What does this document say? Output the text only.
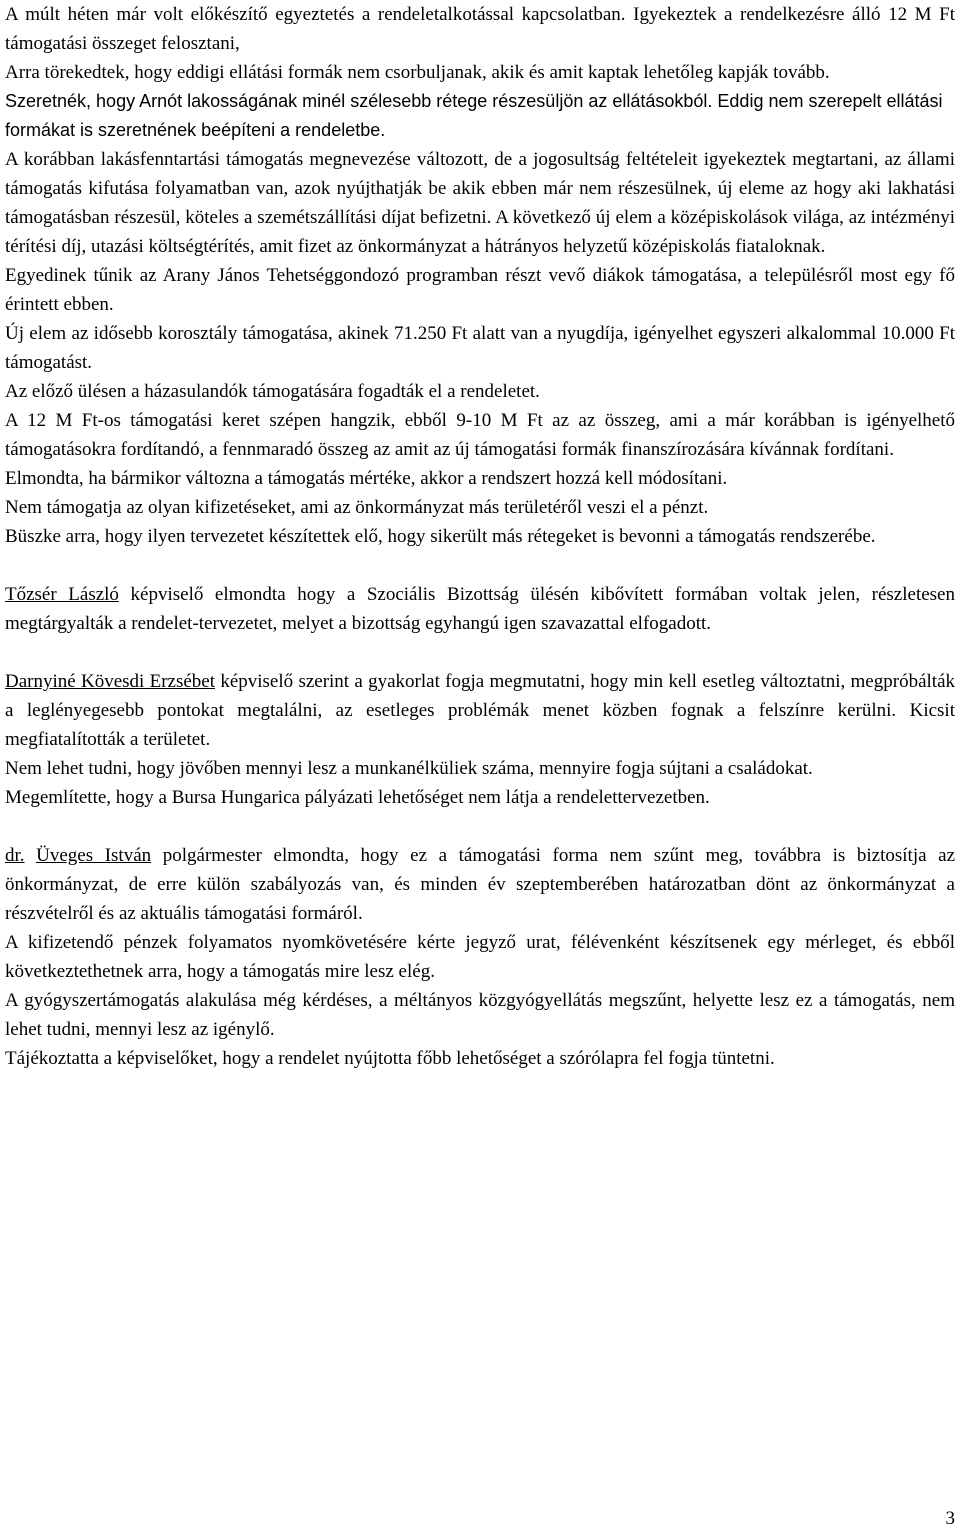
A múlt héten már volt előkészítő egyeztetés a rendeletalkotással kapcsolatban. Igyekeztek a rendelkezésre álló 12 M Ft támogatási összeget felosztani,

Arra törekedtek, hogy eddigi ellátási formák nem csorbuljanak, akik és amit kaptak lehetőleg kapják tovább.

Szeretnék, hogy Arnót lakosságának minél szélesebb rétege részesüljön az ellátásokból. Eddig nem szerepelt ellátási formákat is szeretnének beépíteni a rendeletbe.

A korábban lakásfenntartási támogatás megnevezése változott, de a jogosultság feltételeit igyekeztek megtartani, az állami támogatás kifutása folyamatban van, azok nyújthatják be akik ebben már nem részesülnek, új eleme az hogy aki lakhatási támogatásban részesül, köteles a szemétszállítási díjat befizetni. A következő új elem a középiskolások világa, az intézményi térítési díj, utazási költségtérítés, amit fizet az önkormányzat a hátrányos helyzetű középiskolás fiataloknak.

Egyedinek tűnik az Arany János Tehetséggondozó programban részt vevő diákok támogatása, a településről most egy fő érintett ebben.

Új elem az idősebb korosztály támogatása, akinek 71.250 Ft alatt van a nyugdíja, igényelhet egyszeri alkalommal 10.000 Ft támogatást.

Az előző ülésen a házasulandók támogatására fogadták el a rendeletet.

A 12 M Ft-os támogatási keret szépen hangzik, ebből 9-10 M Ft az az összeg, ami a már korábban is igényelhető támogatásokra fordítandó, a fennmaradó összeg az amit az új támogatási formák finanszírozására kívánnak fordítani.

Elmondta, ha bármikor változna a támogatás mértéke, akkor a rendszert hozzá kell módosítani.

Nem támogatja az olyan kifizetéseket, ami az önkormányzat más területéről veszi el a pénzt.

Büszke arra, hogy ilyen tervezetet készítettek elő, hogy sikerült más rétegeket is bevonni a támogatás rendszerébe.

Tőzsér László képviselő elmondta hogy a Szociális Bizottság ülésén kibővített formában voltak jelen, részletesen megtárgyalták a rendelet-tervezetet, melyet a bizottság egyhangú igen szavazattal elfogadott.

Darnyiné Kövesdi Erzsébet képviselő szerint a gyakorlat fogja megmutatni, hogy min kell esetleg változtatni, megpróbálták a leglényegesebb pontokat megtalálni, az esetleges problémák menet közben fognak a felszínre kerülni. Kicsit megfiatalították a területet.

Nem lehet tudni, hogy jövőben mennyi lesz a munkanélküliek száma, mennyire fogja sújtani a családokat.

Megemlítette, hogy a Bursa Hungarica pályázati lehetőséget nem látja a rendelettervezetben.

dr. Üveges István polgármester elmondta, hogy ez a támogatási forma nem szűnt meg, továbbra is biztosítja az önkormányzat, de erre külön szabályozás van, és minden év szeptemberében határozatban dönt az önkormányzat a részvételről és az aktuális támogatási formáról.

A kifizetendő pénzek folyamatos nyomkövetésére kérte jegyző urat, félévenként készítsenek egy mérleget, és ebből következtethetnek arra, hogy a támogatás mire lesz elég.

A gyógyszertámogatás alakulása még kérdéses, a méltányos közgyógyellátás megszűnt, helyette lesz ez a támogatás, nem lehet tudni, mennyi lesz az igénylő.

Tájékoztatta a képviselőket, hogy a rendelet nyújtotta főbb lehetőséget a szórólapra fel fogja tüntetni.

3
